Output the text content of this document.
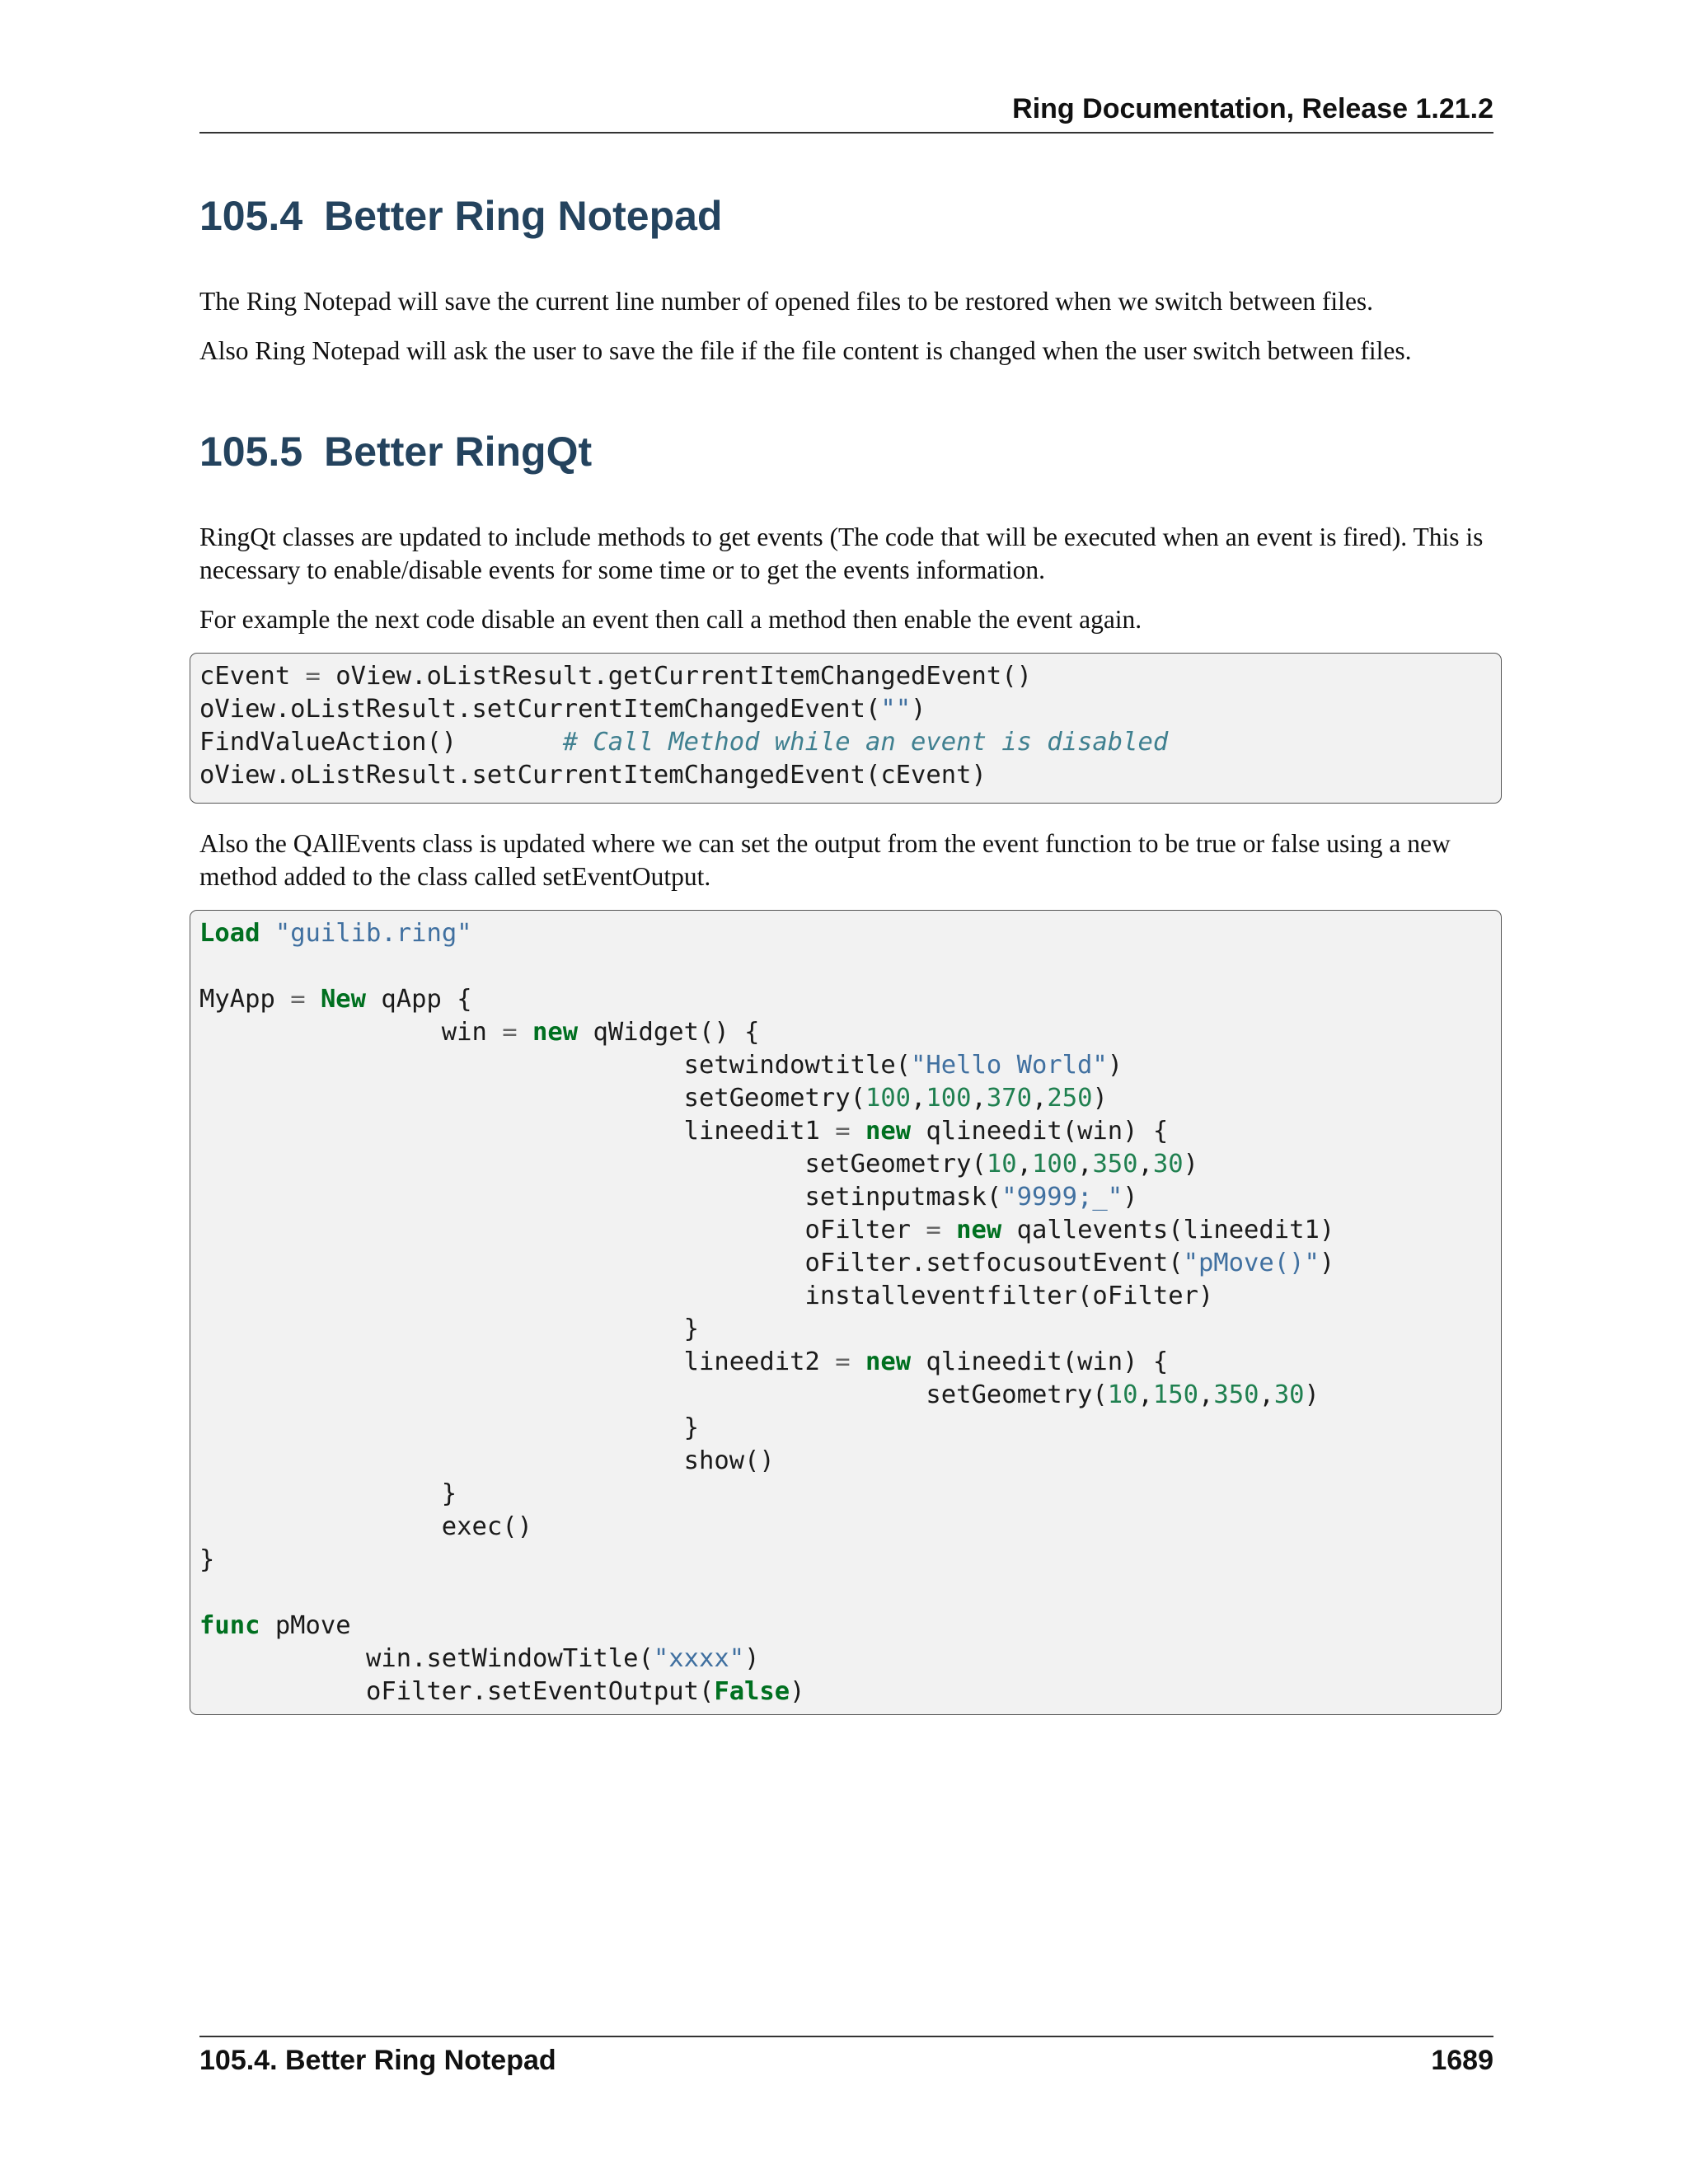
Ring Documentation, Release 1.21.2
105.4 Better Ring Notepad

The Ring Notepad will save the current line number of opened files to be restored when we switch between files.

Also Ring Notepad will ask the user to save the file if the file content is changed when the user switch between files.

105.5 Better RingQt

RingQt classes are updated to include methods to get events (The code that will be executed when an event is fired). This is necessary to enable/disable events for some time or to get the events information.

For example the next code disable an event then call a method then enable the event again.

cEvent = oView.oListResult.getCurrentItemChangedEvent()
oView.oListResult.setCurrentItemChangedEvent("")
FindValueAction()       # Call Method while an event is disabled
oView.oListResult.setCurrentItemChangedEvent(cEvent)

Also the QAllEvents class is updated where we can set the output from the event function to be true or false using a new method added to the class called setEventOutput.

Load "guilib.ring"
MyApp = New qApp {
win = new qWidget() {
setwindowtitle("Hello World")
setGeometry(100,100,370,250)
lineedit1 = new qlineedit(win) {
setGeometry(10,100,350,30)
setinputmask("9999;_")
oFilter = new qallevents(lineedit1)
oFilter.setfocusoutEvent("pMove()")
installeventfilter(oFilter)
}
lineedit2 = new qlineedit(win) {
setGeometry(10,150,350,30)
}
show()
}
exec()
}
func pMove
win.setWindowTitle("xxxx")
oFilter.setEventOutput(False)
105.4. Better Ring Notepad	1689
